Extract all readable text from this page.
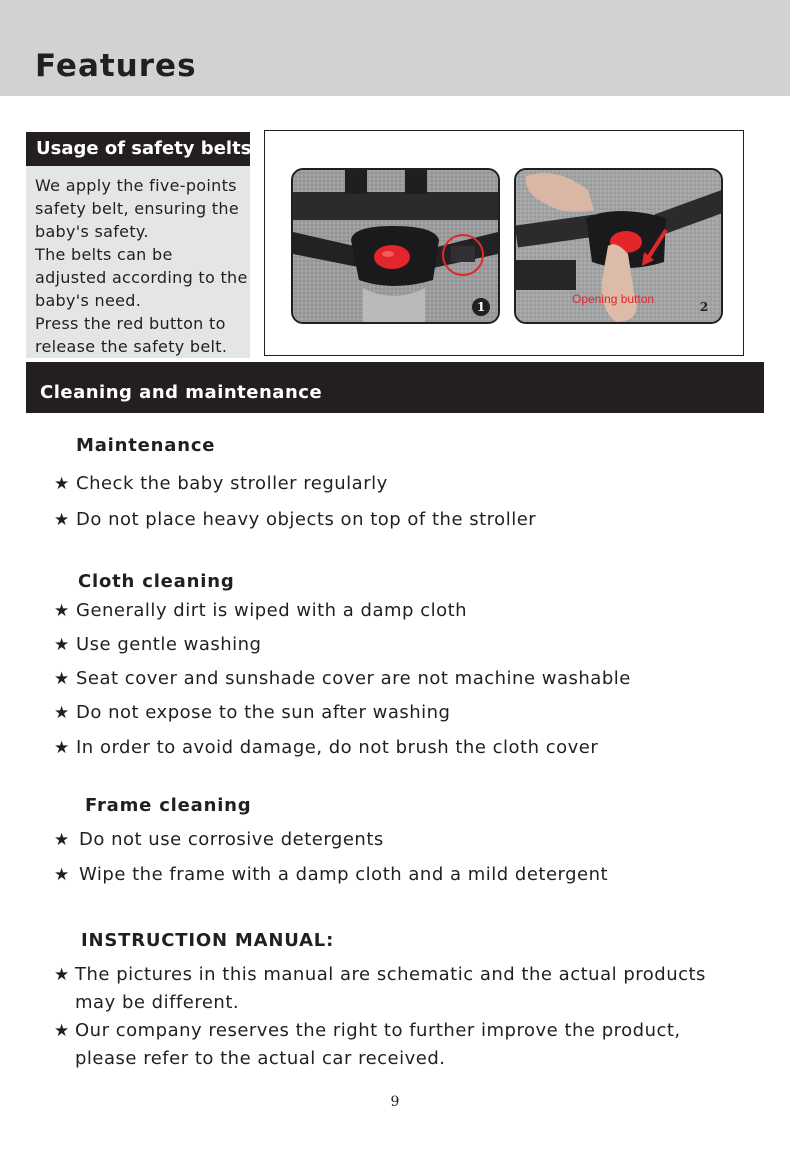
Features
Usage of safety belts
We apply the five-points
safety belt, ensuring the
baby's safety.
The belts can be
adjusted according to the
baby's need.
Press the red button to
release the safety belt.
1
Opening button
2
Cleaning and maintenance
Maintenance
★ Check the baby stroller regularly
★ Do not place heavy objects on top of the stroller
Cloth cleaning
★ Generally dirt is wiped with a damp cloth
★ Use gentle washing
★ Seat cover and sunshade cover are not machine washable
★ Do not expose to the sun after washing
★ In order to avoid damage, do not brush the cloth cover
Frame cleaning
★ Do not use corrosive detergents
★ Wipe the frame with a damp cloth and a mild detergent
INSTRUCTION MANUAL:
★ The pictures in this manual are schematic and the actual products
may be different.
★ Our company reserves the right to further improve the product,
please refer to the actual car received.
9
